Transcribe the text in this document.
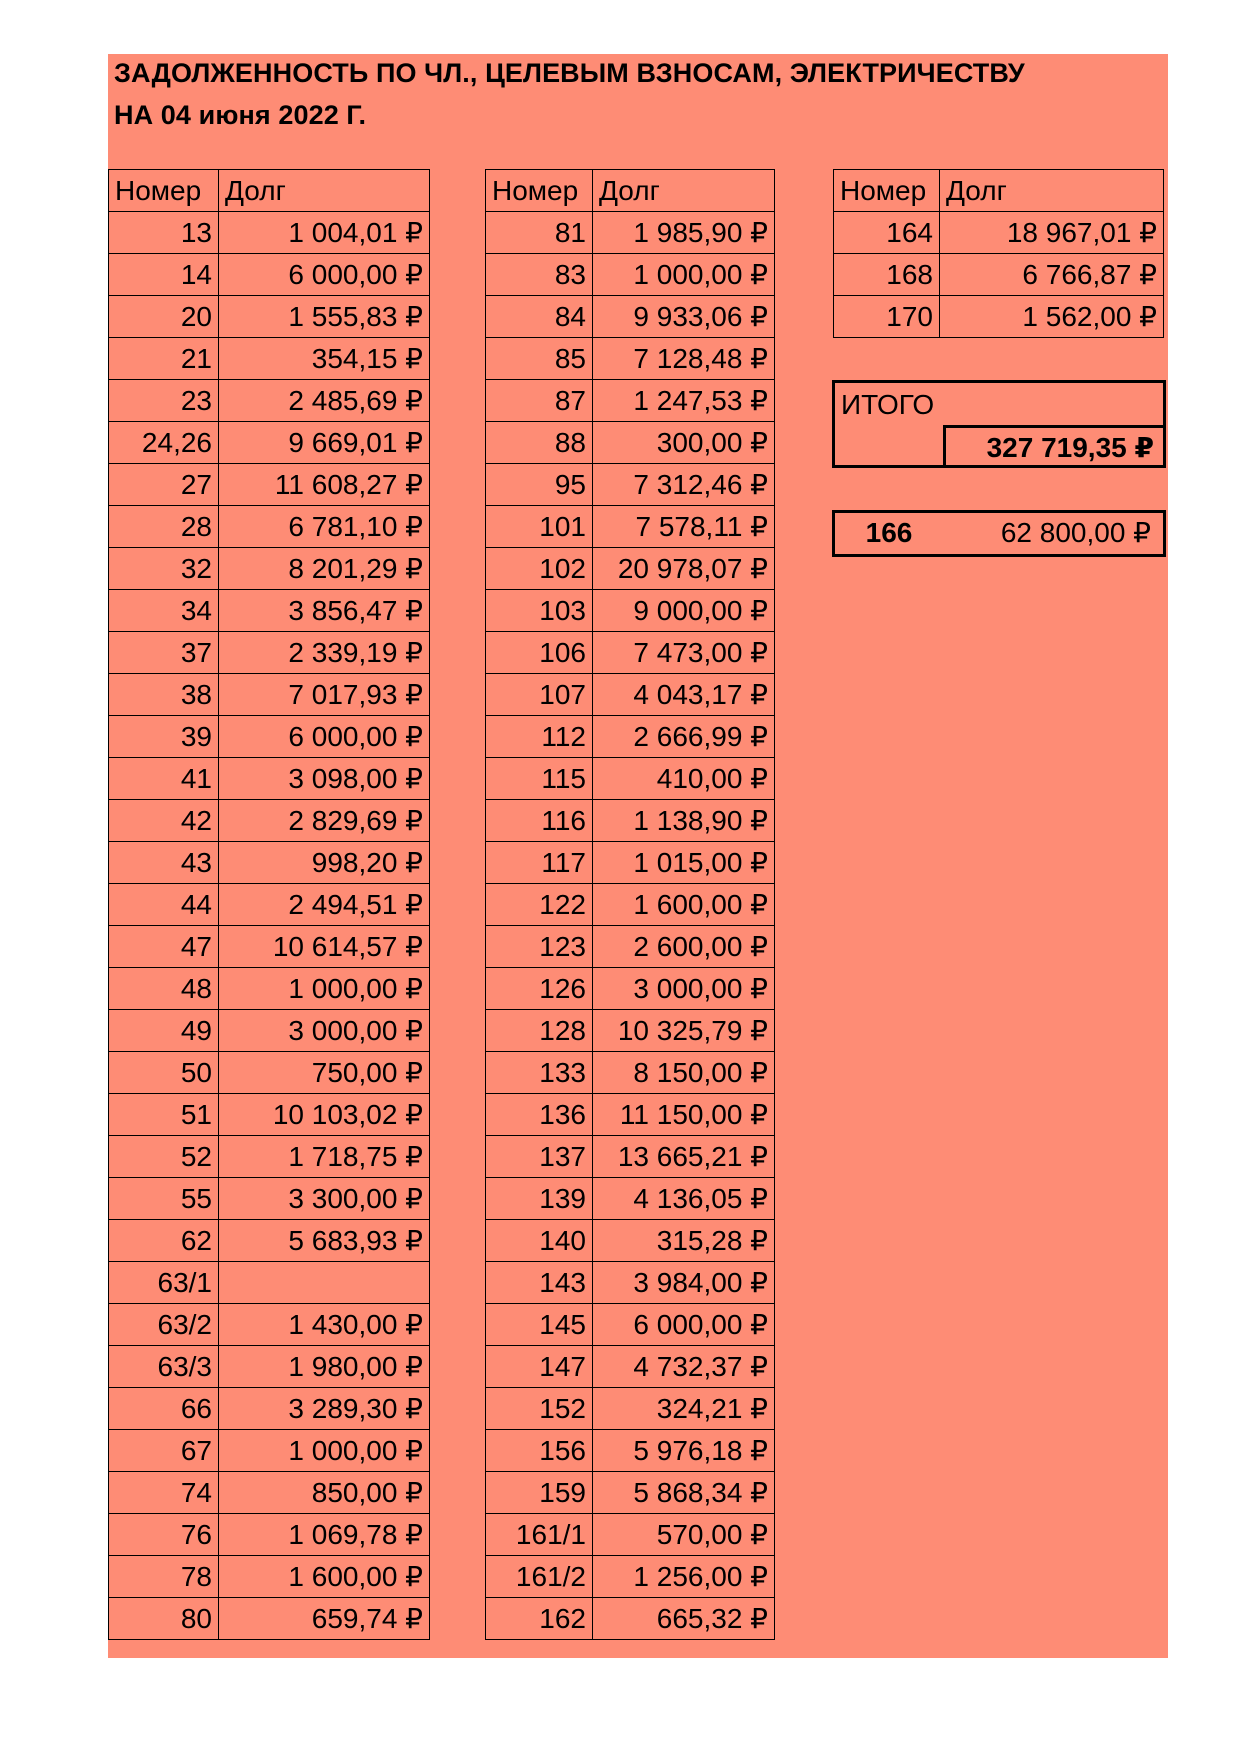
ЗАДОЛЖЕННОСТЬ ПО ЧЛ., ЦЕЛЕВЫМ ВЗНОСАМ, ЭЛЕКТРИЧЕСТВУ
НА 04 июня 2022 Г.
Номер	Долг
13	1 004,01 ₽
14	6 000,00 ₽
20	1 555,83 ₽
21	354,15 ₽
23	2 485,69 ₽
24,26	9 669,01 ₽
27	11 608,27 ₽
28	6 781,10 ₽
32	8 201,29 ₽
34	3 856,47 ₽
37	2 339,19 ₽
38	7 017,93 ₽
39	6 000,00 ₽
41	3 098,00 ₽
42	2 829,69 ₽
43	998,20 ₽
44	2 494,51 ₽
47	10 614,57 ₽
48	1 000,00 ₽
49	3 000,00 ₽
50	750,00 ₽
51	10 103,02 ₽
52	1 718,75 ₽
55	3 300,00 ₽
62	5 683,93 ₽
63/1	
63/2	1 430,00 ₽
63/3	1 980,00 ₽
66	3 289,30 ₽
67	1 000,00 ₽
74	850,00 ₽
76	1 069,78 ₽
78	1 600,00 ₽
80	659,74 ₽
Номер	Долг
81	1 985,90 ₽
83	1 000,00 ₽
84	9 933,06 ₽
85	7 128,48 ₽
87	1 247,53 ₽
88	300,00 ₽
95	7 312,46 ₽
101	7 578,11 ₽
102	20 978,07 ₽
103	9 000,00 ₽
106	7 473,00 ₽
107	4 043,17 ₽
112	2 666,99 ₽
115	410,00 ₽
116	1 138,90 ₽
117	1 015,00 ₽
122	1 600,00 ₽
123	2 600,00 ₽
126	3 000,00 ₽
128	10 325,79 ₽
133	8 150,00 ₽
136	11 150,00 ₽
137	13 665,21 ₽
139	4 136,05 ₽
140	315,28 ₽
143	3 984,00 ₽
145	6 000,00 ₽
147	4 732,37 ₽
152	324,21 ₽
156	5 976,18 ₽
159	5 868,34 ₽
161/1	570,00 ₽
161/2	1 256,00 ₽
162	665,32 ₽
Номер	Долг
164	18 967,01 ₽
168	6 766,87 ₽
170	1 562,00 ₽
ИТОГО
327 719,35 ₽
166	62 800,00 ₽
